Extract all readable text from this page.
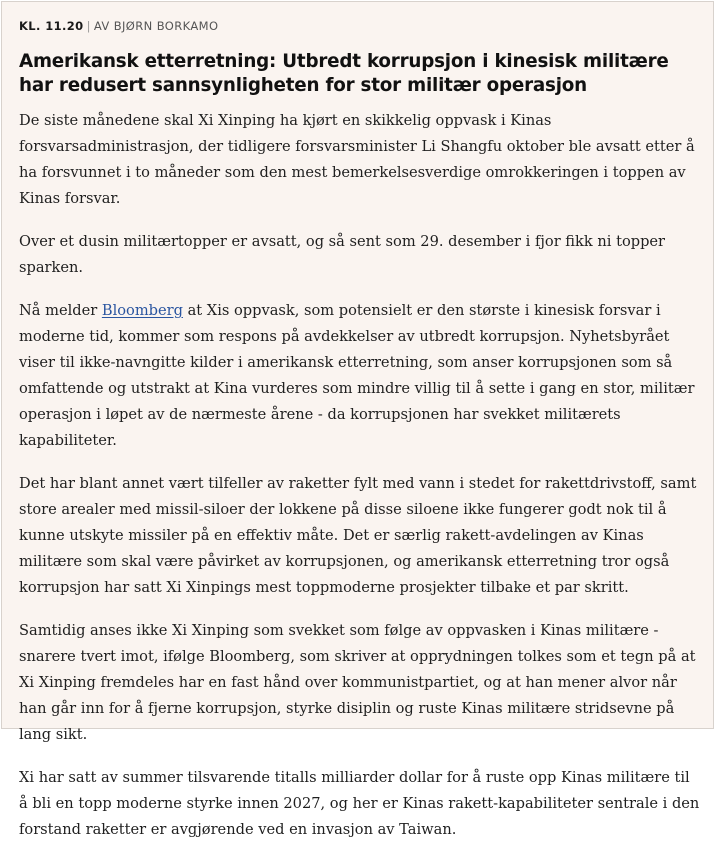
KL. 11.20 | AV BJØRN BORKAMO
Amerikansk etterretning: Utbredt korrupsjon i kinesisk militære har redusert sannsynligheten for stor militær operasjon

De siste månedene skal Xi Xinping ha kjørt en skikkelig oppvask i Kinas forsvarsadministrasjon, der tidligere forsvarsminister Li Shangfu oktober ble avsatt etter å ha forsvunnet i to måneder som den mest bemerkelsesverdige omrokkeringen i toppen av Kinas forsvar.

Over et dusin militærtopper er avsatt, og så sent som 29. desember i fjor fikk ni topper sparken.

Nå melder Bloomberg at Xis oppvask, som potensielt er den største i kinesisk forsvar i moderne tid, kommer som respons på avdekkelser av utbredt korrupsjon. Nyhetsbyrået viser til ikke-navngitte kilder i amerikansk etterretning, som anser korrupsjonen som så omfattende og utstrakt at Kina vurderes som mindre villig til å sette i gang en stor, militær operasjon i løpet av de nærmeste årene - da korrupsjonen har svekket militærets kapabiliteter.

Det har blant annet vært tilfeller av raketter fylt med vann i stedet for rakettdrivstoff, samt store arealer med missil-siloer der lokkene på disse siloene ikke fungerer godt nok til å kunne utskyte missiler på en effektiv måte. Det er særlig rakett-avdelingen av Kinas militære som skal være påvirket av korrupsjonen, og amerikansk etterretning tror også korrupsjon har satt Xi Xinpings mest toppmoderne prosjekter tilbake et par skritt.

Samtidig anses ikke Xi Xinping som svekket som følge av oppvasken i Kinas militære - snarere tvert imot, ifølge Bloomberg, som skriver at opprydningen tolkes som et tegn på at Xi Xinping fremdeles har en fast hånd over kommunistpartiet, og at han mener alvor når han går inn for å fjerne korrupsjon, styrke disiplin og ruste Kinas militære stridsevne på lang sikt.

Xi har satt av summer tilsvarende titalls milliarder dollar for å ruste opp Kinas militære til å bli en topp moderne styrke innen 2027, og her er Kinas rakett-kapabiliteter sentrale i den forstand raketter er avgjørende ved en invasjon av Taiwan.
